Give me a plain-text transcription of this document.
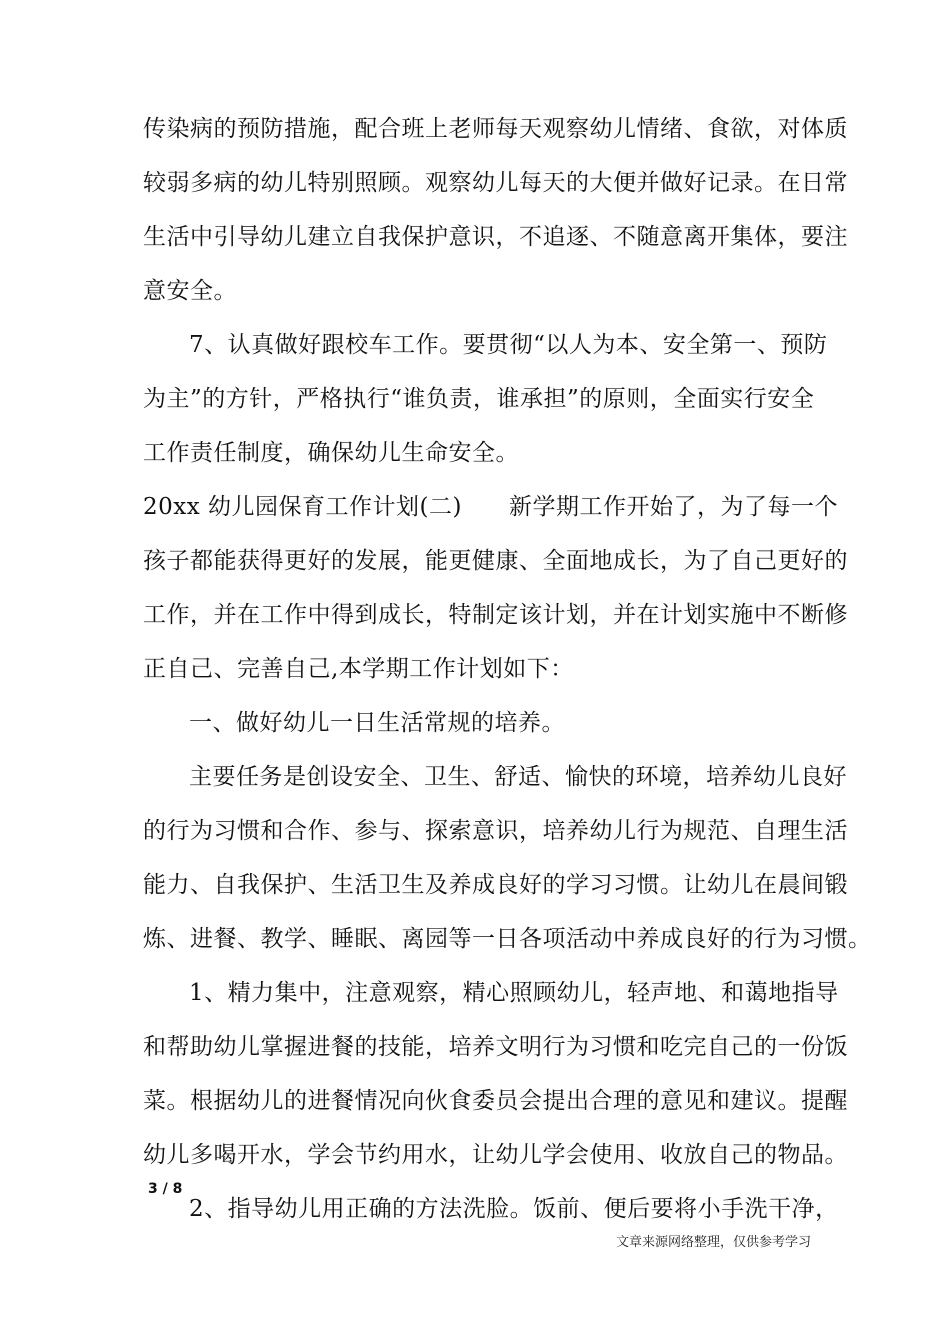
传染病的预防措施，配合班上老师每天观察幼儿情绪、食欲，对体质
较弱多病的幼儿特别照顾。观察幼儿每天的大便并做好记录。在日常
生活中引导幼儿建立自我保护意识，不追逐、不随意离开集体，要注
意安全。
7、认真做好跟校车工作。要贯彻“以人为本、安全第一、预防
为主”的方针，严格执行“谁负责，谁承担”的原则，全面实行安全
工作责任制度，确保幼儿生命安全。
20xx 幼儿园保育工作计划(二)　　新学期工作开始了，为了每一个
孩子都能获得更好的发展，能更健康、全面地成长，为了自己更好的
工作，并在工作中得到成长，特制定该计划，并在计划实施中不断修
正自己、完善自己,本学期工作计划如下：
一、做好幼儿一日生活常规的培养。
主要任务是创设安全、卫生、舒适、愉快的环境，培养幼儿良好
的行为习惯和合作、参与、探索意识，培养幼儿行为规范、自理生活
能力、自我保护、生活卫生及养成良好的学习习惯。让幼儿在晨间锻
炼、进餐、教学、睡眠、离园等一日各项活动中养成良好的行为习惯。
1、精力集中，注意观察，精心照顾幼儿，轻声地、和蔼地指导
和帮助幼儿掌握进餐的技能，培养文明行为习惯和吃完自己的一份饭
菜。根据幼儿的进餐情况向伙食委员会提出合理的意见和建议。提醒
幼儿多喝开水，学会节约用水，让幼儿学会使用、收放自己的物品。
2、指导幼儿用正确的方法洗脸。饭前、便后要将小手洗干净，
3 / 8
文章来源网络整理，仅供参考学习
